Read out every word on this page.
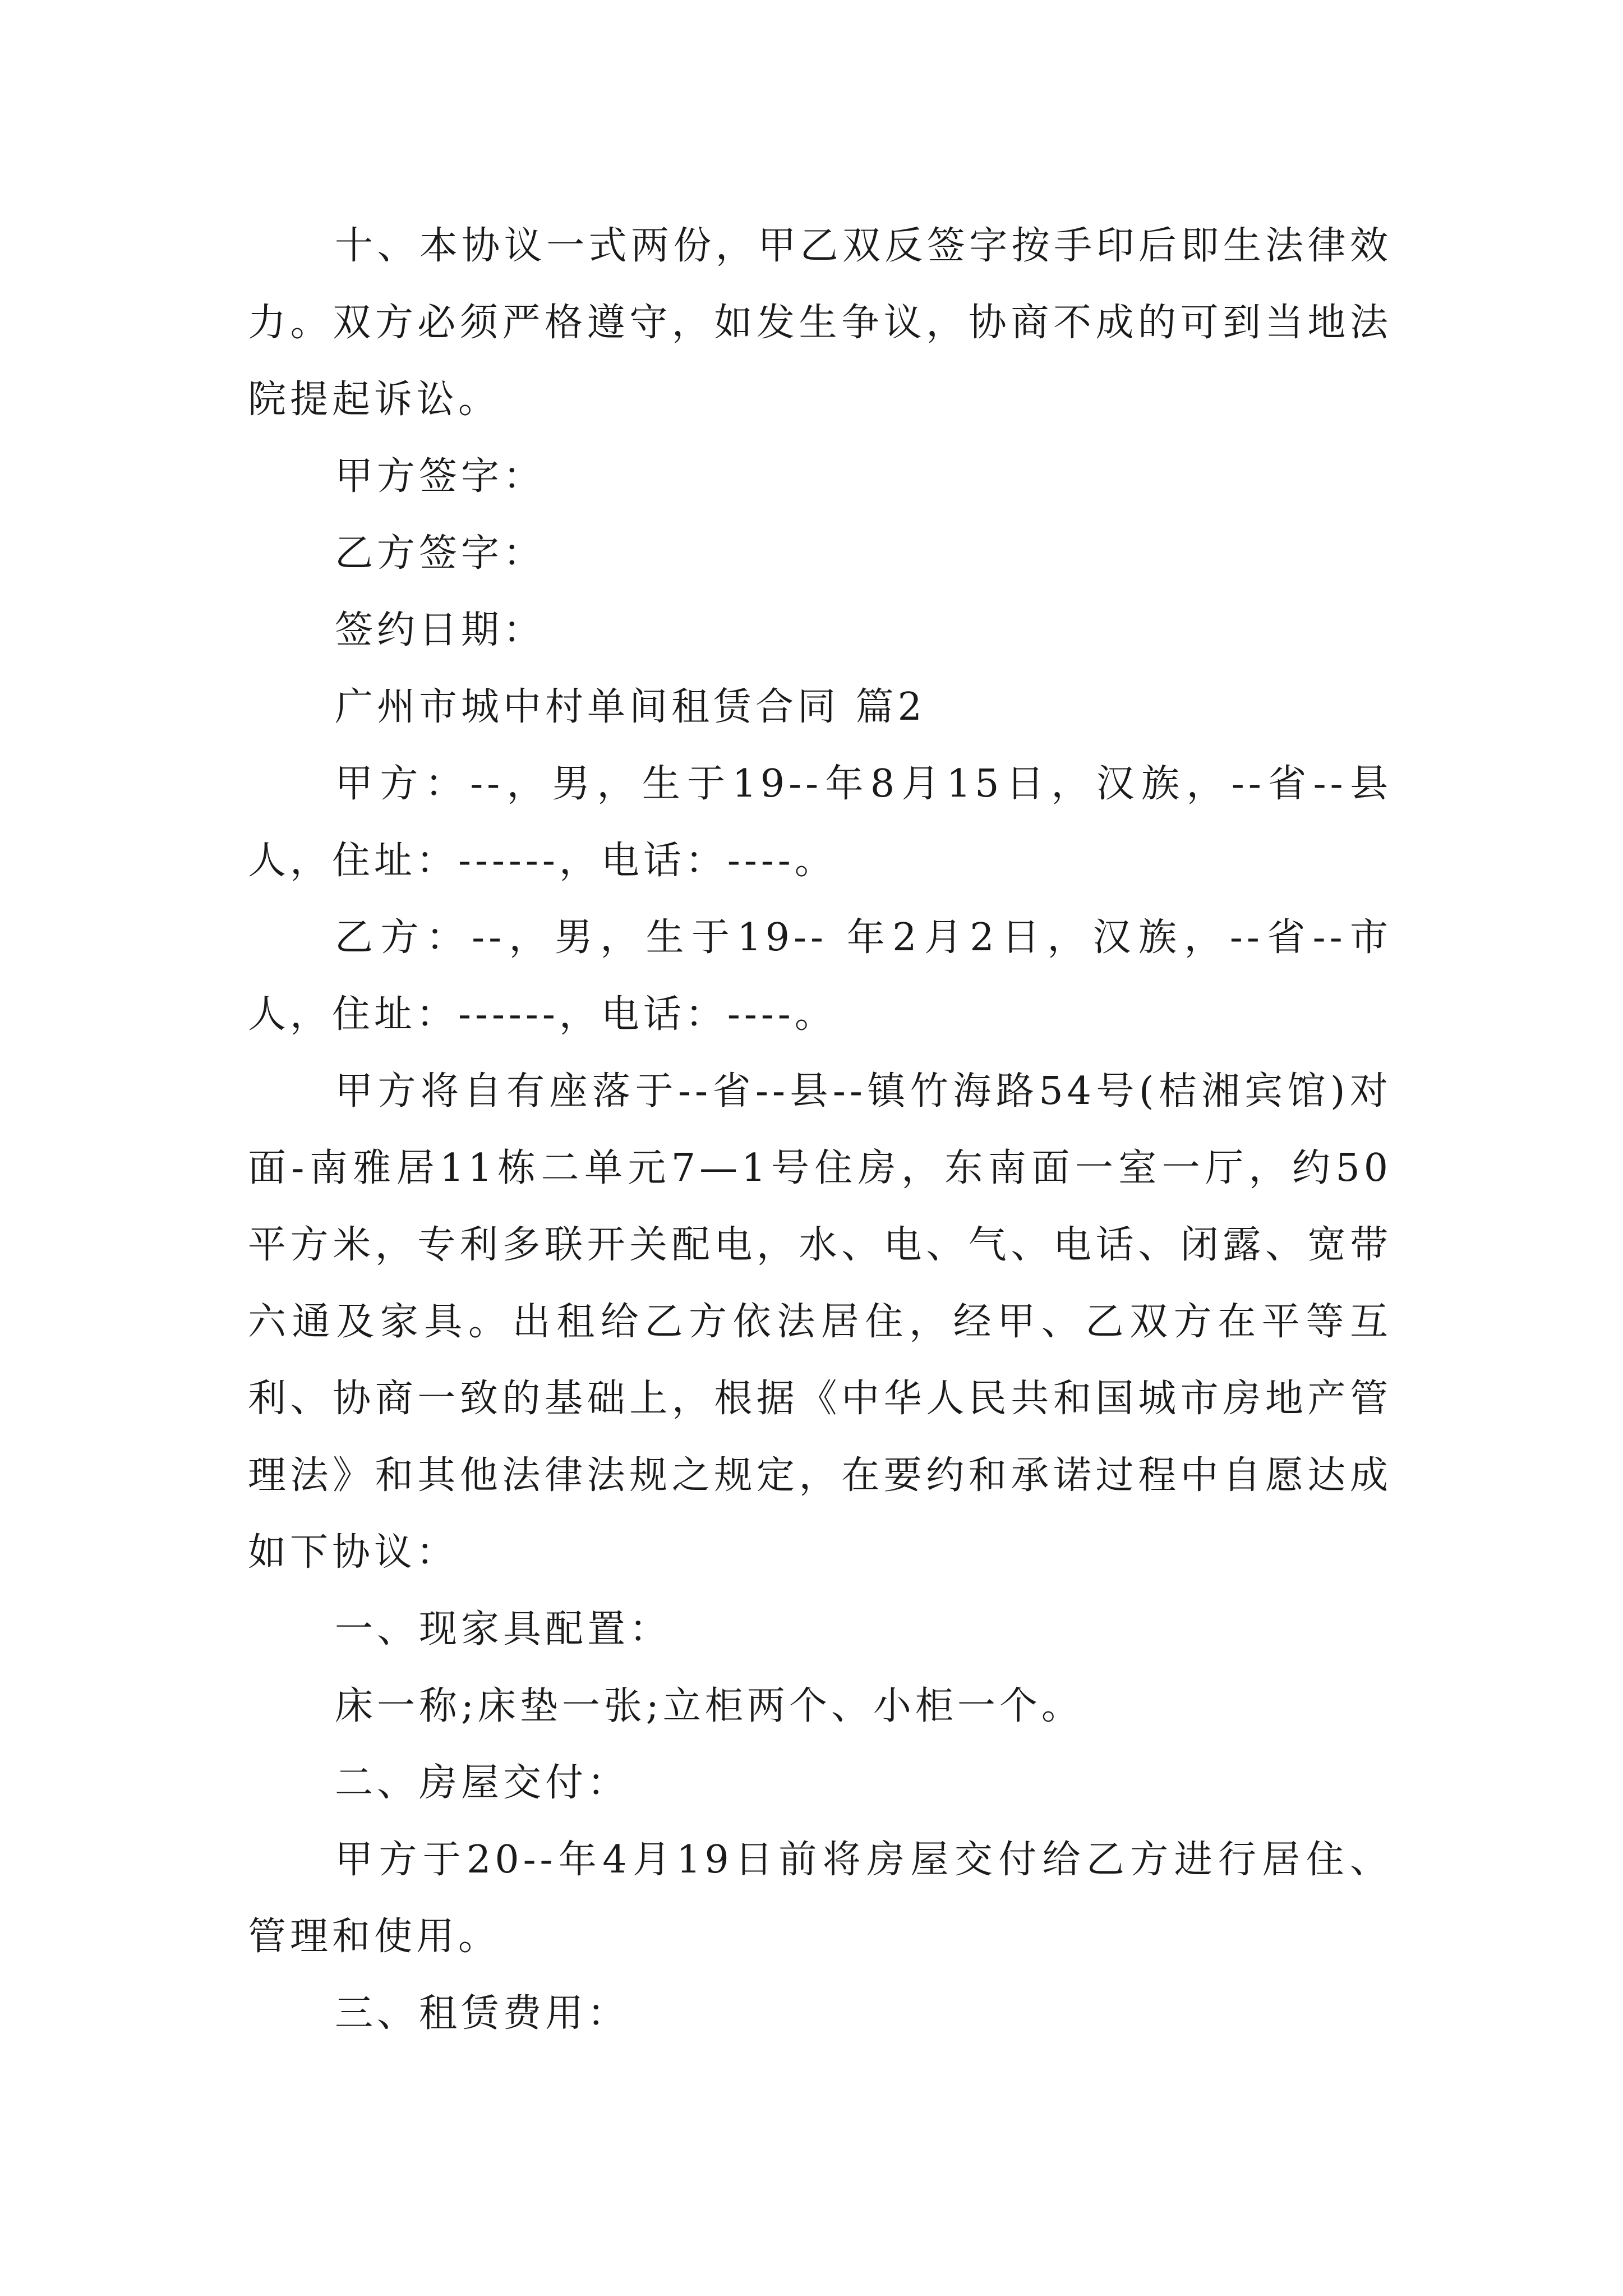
十、本协议一式两份，甲乙双反签字按手印后即生法律效力。双方必须严格遵守，如发生争议，协商不成的可到当地法院提起诉讼。

甲方签字：

乙方签字：

签约日期：

广州市城中村单间租赁合同 篇2

甲方：--，男，生于19--年8月15日，汉族，--省--县人，住址：------，电话：----。

乙方：--，男，生于19-- 年2月2日，汉族，--省--市人，住址：------，电话：----。

甲方将自有座落于--省--县--镇竹海路54号(桔湘宾馆)对面-南雅居11栋二单元7—1号住房，东南面一室一厅，约50平方米，专利多联开关配电，水、电、气、电话、闭露、宽带六通及家具。出租给乙方依法居住，经甲、乙双方在平等互利、协商一致的基础上，根据《中华人民共和国城市房地产管理法》和其他法律法规之规定，在要约和承诺过程中自愿达成如下协议：

一、现家具配置：

床一称;床垫一张;立柜两个、小柜一个。

二、房屋交付：

甲方于20--年4月19日前将房屋交付给乙方进行居住、管理和使用。

三、租赁费用：
